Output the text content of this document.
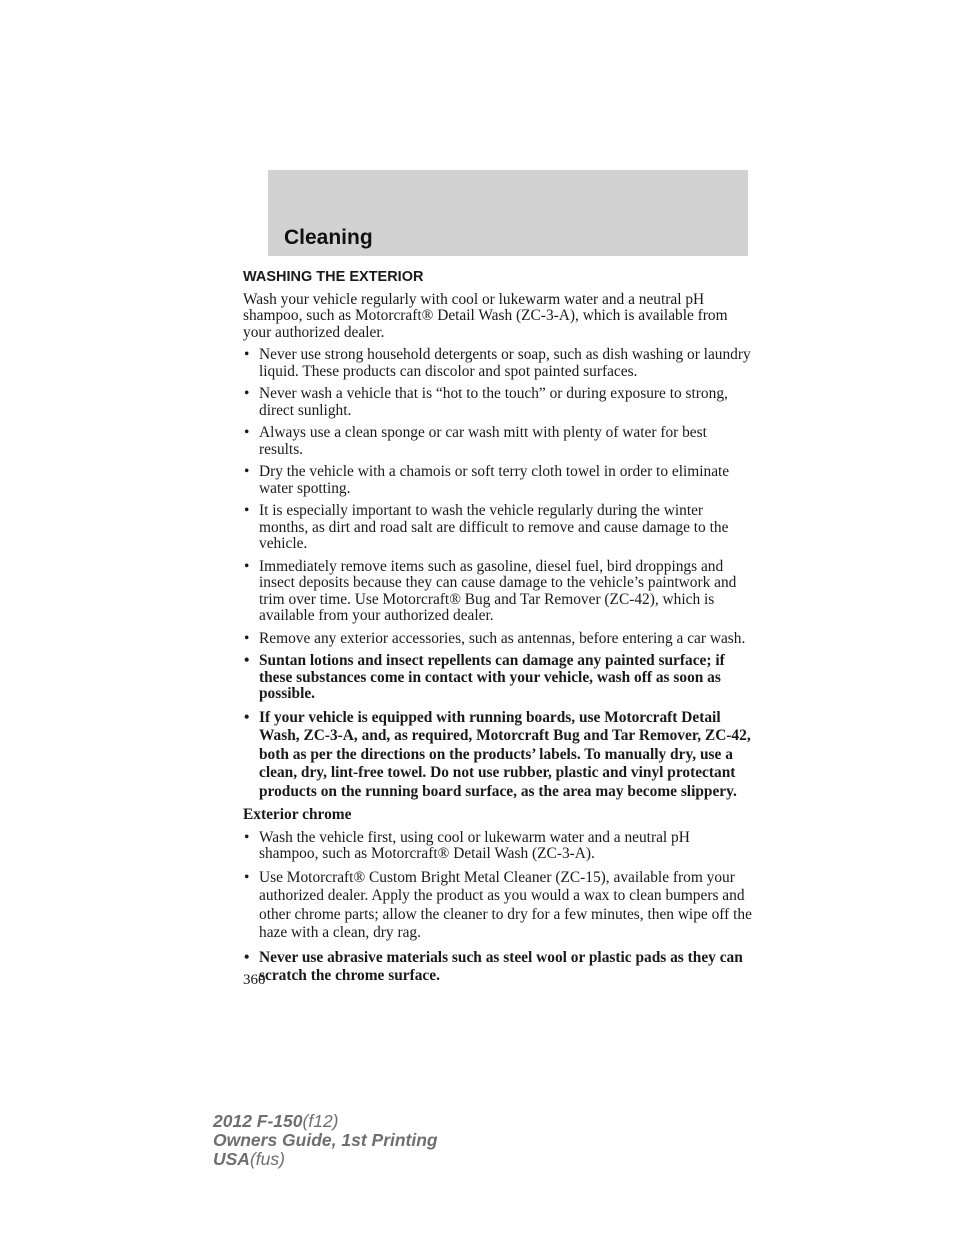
Cleaning
WASHING THE EXTERIOR

Wash your vehicle regularly with cool or lukewarm water and a neutral pH shampoo, such as Motorcraft® Detail Wash (ZC-3-A), which is available from your authorized dealer.

• Never use strong household detergents or soap, such as dish washing or laundry liquid. These products can discolor and spot painted surfaces.
• Never wash a vehicle that is “hot to the touch” or during exposure to strong, direct sunlight.
• Always use a clean sponge or car wash mitt with plenty of water for best results.
• Dry the vehicle with a chamois or soft terry cloth towel in order to eliminate water spotting.
• It is especially important to wash the vehicle regularly during the winter months, as dirt and road salt are difficult to remove and cause damage to the vehicle.
• Immediately remove items such as gasoline, diesel fuel, bird droppings and insect deposits because they can cause damage to the vehicle’s paintwork and trim over time. Use Motorcraft® Bug and Tar Remover (ZC-42), which is available from your authorized dealer.
• Remove any exterior accessories, such as antennas, before entering a car wash.
• Suntan lotions and insect repellents can damage any painted surface; if these substances come in contact with your vehicle, wash off as soon as possible.
• If your vehicle is equipped with running boards, use Motorcraft Detail Wash, ZC-3-A, and, as required, Motorcraft Bug and Tar Remover, ZC-42, both as per the directions on the products’ labels. To manually dry, use a clean, dry, lint-free towel. Do not use rubber, plastic and vinyl protectant products on the running board surface, as the area may become slippery.
Exterior chrome
• Wash the vehicle first, using cool or lukewarm water and a neutral pH shampoo, such as Motorcraft® Detail Wash (ZC-3-A).
• Use Motorcraft® Custom Bright Metal Cleaner (ZC-15), available from your authorized dealer. Apply the product as you would a wax to clean bumpers and other chrome parts; allow the cleaner to dry for a few minutes, then wipe off the haze with a clean, dry rag.
• Never use abrasive materials such as steel wool or plastic pads as they can scratch the chrome surface.
360
2012 F-150(f12)
Owners Guide, 1st Printing
USA(fus)
